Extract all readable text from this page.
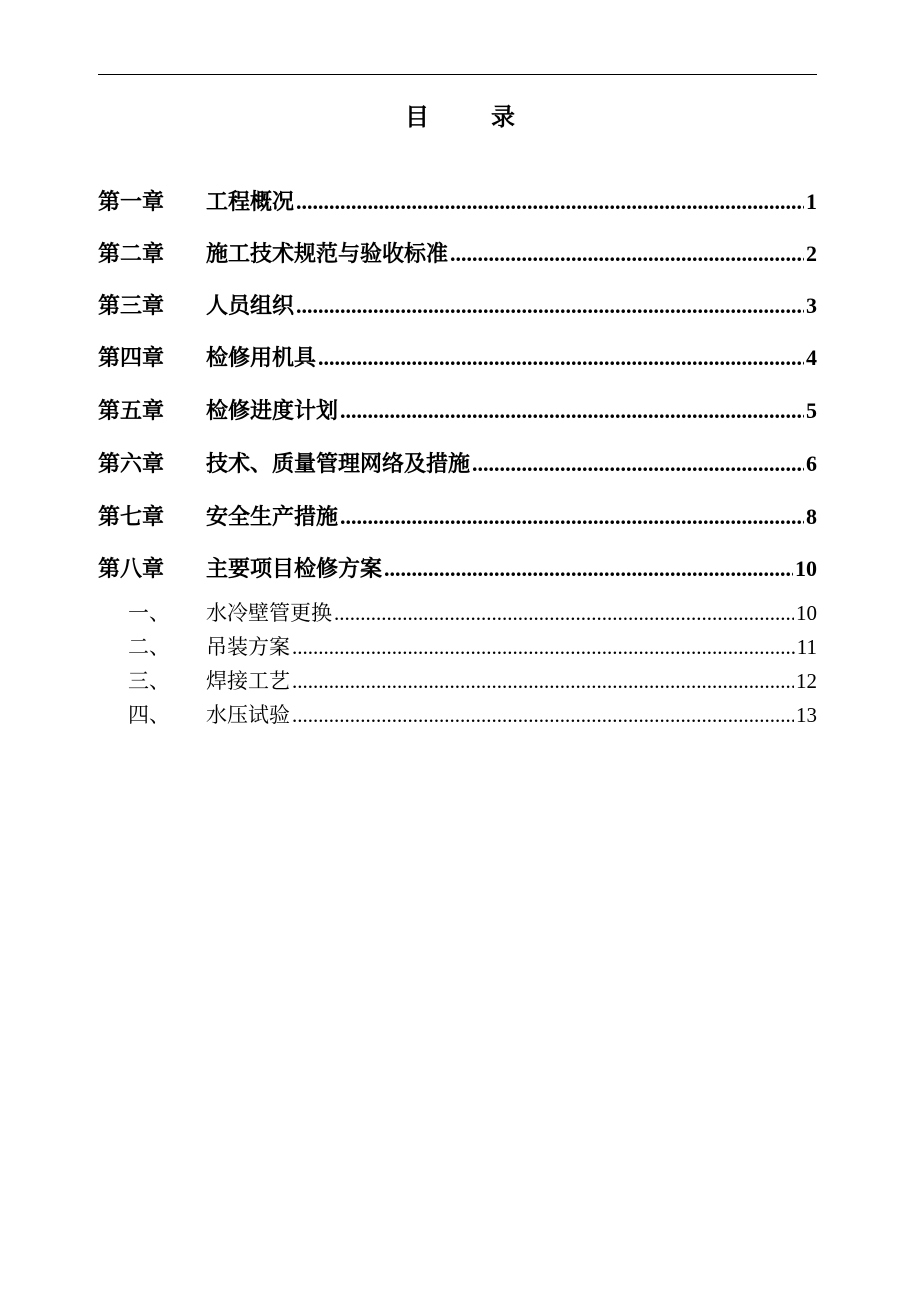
目录
第一章	工程概况 .....	1
第二章	施工技术规范与验收标准 .....	2
第三章	人员组织 .....	3
第四章	检修用机具 .....	4
第五章	检修进度计划 .....	5
第六章	技术、质量管理网络及措施 .....	6
第七章	安全生产措施 .....	8
第八章	主要项目检修方案 .....	10
一、	水冷壁管更换 .....	10
二、	吊装方案 .....	11
三、	焊接工艺 .....	12
四、	水压试验 .....	13
